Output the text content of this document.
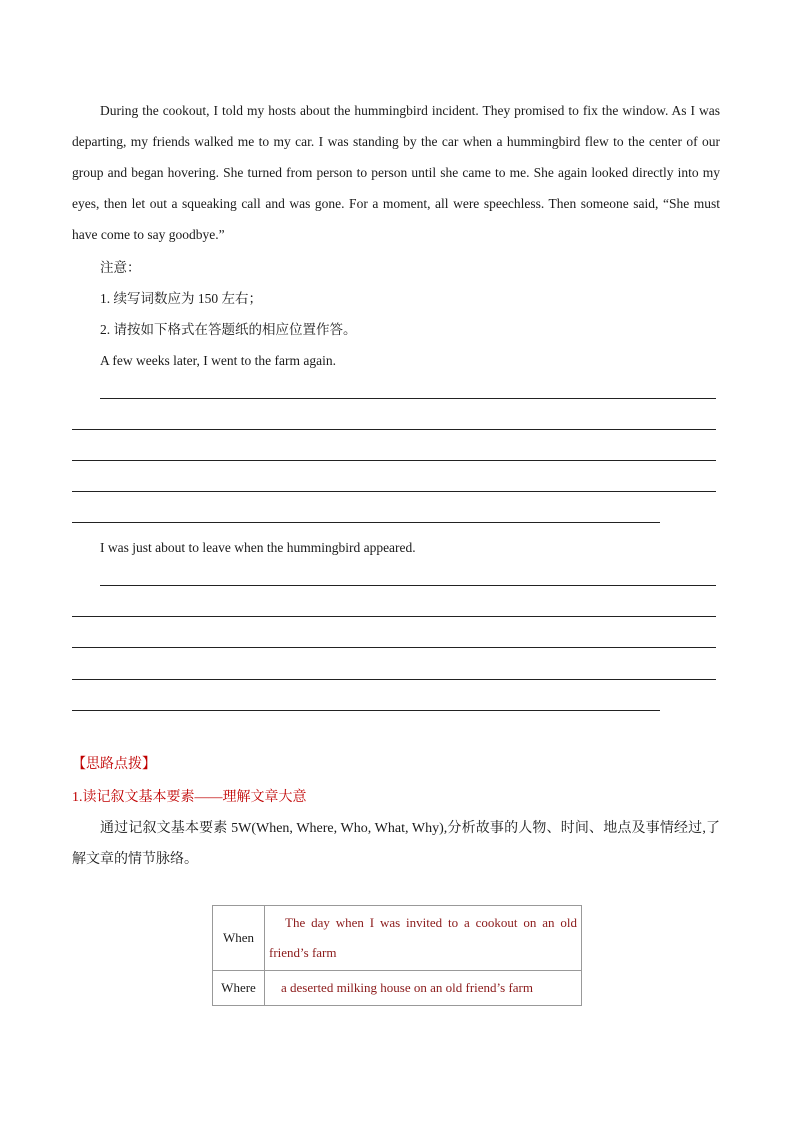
During the cookout, I told my hosts about the hummingbird incident. They promised to fix the window. As I was departing, my friends walked me to my car. I was standing by the car when a hummingbird flew to the center of our group and began hovering. She turned from person to person until she came to me. She again looked directly into my eyes, then let out a squeaking call and was gone. For a moment, all were speechless. Then someone said, “She must have come to say goodbye.”
注意：
1. 续写词数应为 150 左右；
2. 请按如下格式在答题纸的相应位置作答。
A few weeks later, I went to the farm again.
I was just about to leave when the hummingbird appeared.
【思路点拨】
1.读记叙文基本要素——理解文章大意
通过记叙文基本要素 5W(When, Where, Who, What, Why),分析故事的人物、时间、地点及事情经过,了解文章的情节脉络。
When	The day when I was invited to a cookout on an old friend’s farm
Where	a deserted milking house on an old friend’s farm
